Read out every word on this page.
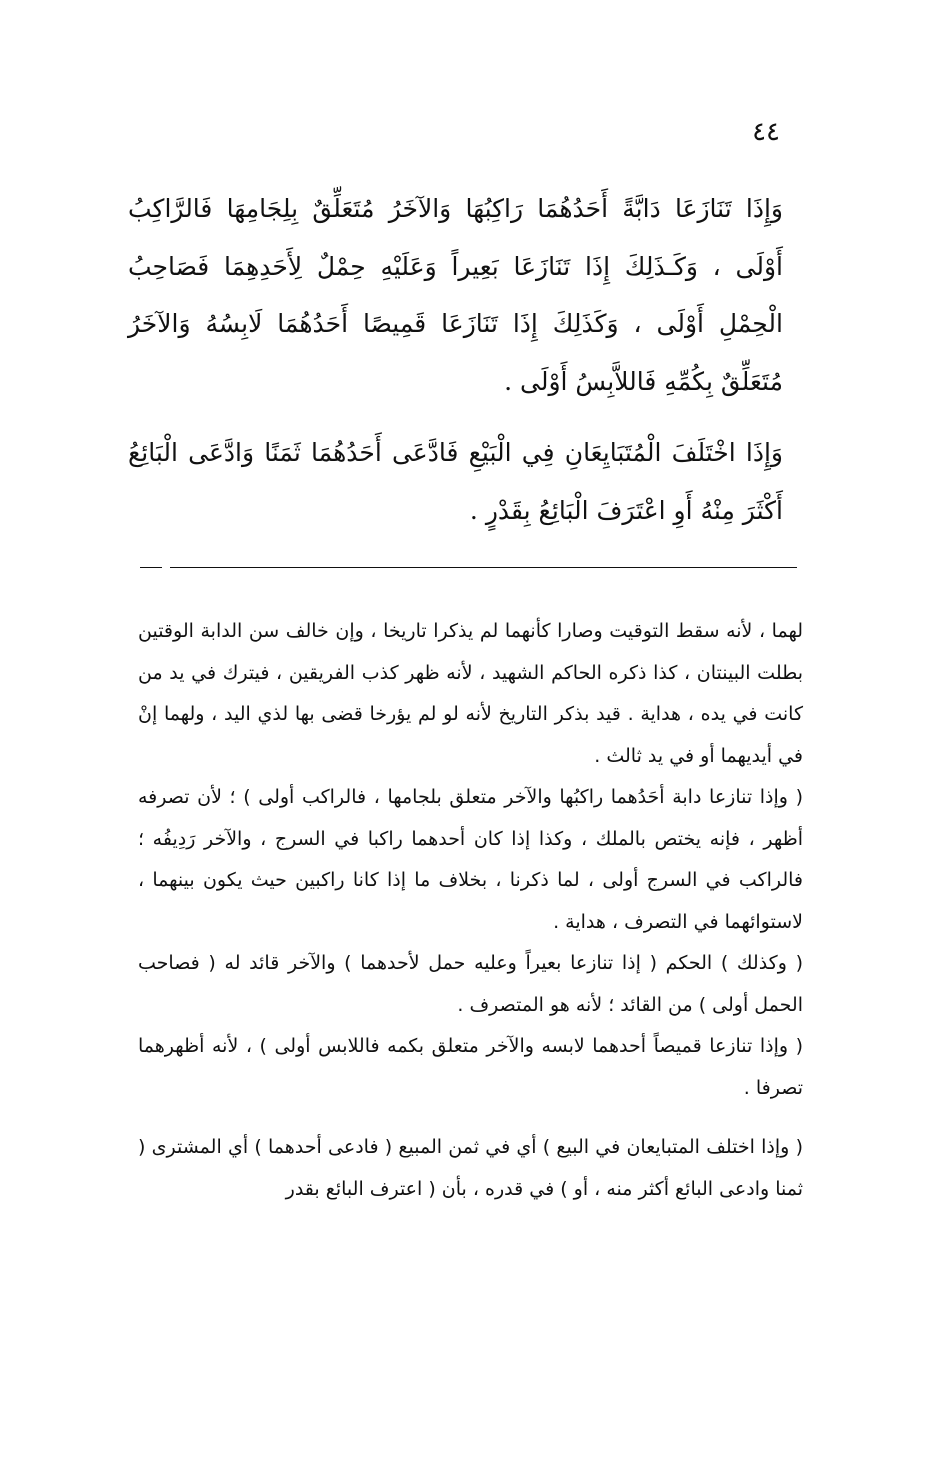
٤٤

وَإِذَا تَنَازَعَا دَابَّةً أَحَدُهُمَا رَاكِبُهَا وَالآخَرُ مُتَعَلِّقٌ بِلِجَامِهَا فَالرَّاكِبُ أَوْلَى ، وَكَـذَلِكَ إِذَا تَنَازَعَا بَعِيراً وَعَلَيْهِ حِمْلٌ لِأَحَدِهِمَا فَصَاحِبُ الْحِمْلِ أَوْلَى ، وَكَذَلِكَ إِذَا تَنَازَعَا قَمِيصًا أَحَدُهُمَا لَابِسُهُ وَالآخَرُ مُتَعَلِّقٌ بِكُمِّهِ فَاللاَّبِسُ أَوْلَى .

وَإِذَا اخْتَلَفَ الْمُتَبَايِعَانِ فِي الْبَيْعِ فَادَّعَى أَحَدُهُمَا ثَمَنًا وَادَّعَى الْبَائِعُ أَكْثَرَ مِنْهُ أَوِ اعْتَرَفَ الْبَائِعُ بِقَدْرٍ .

لهما ، لأنه سقط التوقيت وصارا كأنهما لم يذكرا تاريخا ، وإن خالف سن الدابة الوقتين بطلت البينتان ، كذا ذكره الحاكم الشهيد ، لأنه ظهر كذب الفريقين ، فيترك في يد من كانت في يده ، هداية . قيد بذكر التاريخ لأنه لو لم يؤرخا قضى بها لذي اليد ، ولهما إنْ في أيديهما أو في يد ثالث .

( وإذا تنازعا دابة أحَدُهما راكبُها والآخر متعلق بلجامها ، فالراكب أولى ) ؛ لأن تصرفه أظهر ، فإنه يختص بالملك ، وكذا إذا كان أحدهما راكبا في السرج ، والآخر رَدِيفُه ؛ فالراكب في السرج أولى ، لما ذكرنا ، بخلاف ما إذا كانا راكبين حيث يكون بينهما ، لاستوائهما في التصرف ، هداية .

( وكذلك ) الحكم ( إذا تنازعا بعيراً وعليه حمل لأحدهما ) والآخر قائد له ( فصاحب الحمل أولى ) من القائد ؛ لأنه هو المتصرف .

( وإذا تنازعا قميصاً أحدهما لابسه والآخر متعلق بكمه فاللابس أولى ) ، لأنه أظهرهما تصرفا .

( وإذا اختلف المتبايعان في البيع ) أي في ثمن المبيع ( فادعى أحدهما ) أي المشترى ( ثمنا وادعى البائع أكثر منه ، أو ) في قدره ، بأن ( اعترف البائع بقدر
